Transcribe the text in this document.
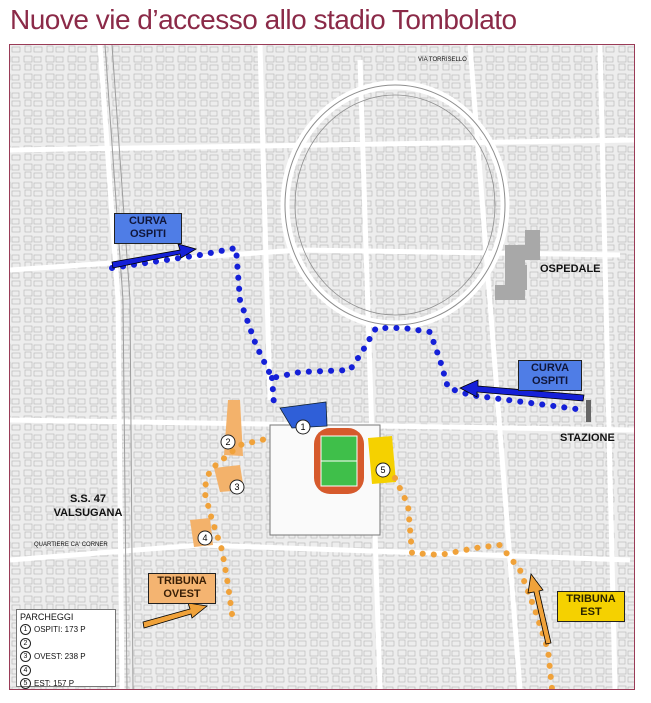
Nuove vie d’accesso allo stadio Tombolato
1
2
3
4
5
VIA TORRISELLO
CURVA OSPITI
OSPEDALE
CURVA OSPITI
STAZIONE
S.S. 47 VALSUGANA
QUARTIERE CA' CORNER
TRIBUNA OVEST	TRIBUNA EST
PARCHEGGI
1 OSPITI: 173 P
2
3 OVEST: 238 P
4
5 EST: 157 P
